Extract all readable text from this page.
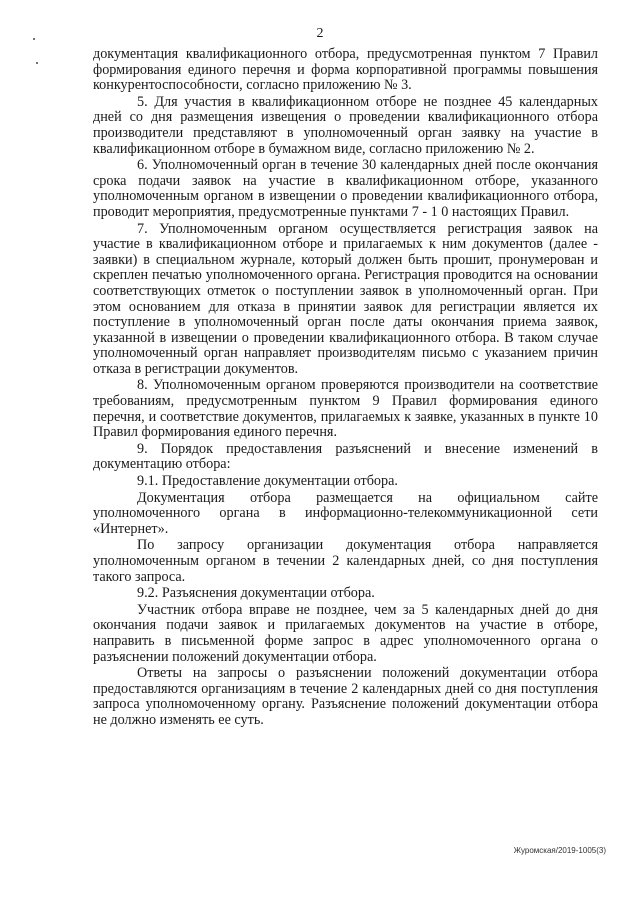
2

документация квалификационного отбора, предусмотренная пунктом 7 Правил формирования единого перечня и форма корпоративной программы повышения конкурентоспособности, согласно приложению № 3.

5. Для участия в квалификационном отборе не позднее 45 календарных дней со дня размещения извещения о проведении квалификационного отбора производители представляют в уполномоченный орган заявку на участие в квалификационном отборе в бумажном виде, согласно приложению № 2.

6. Уполномоченный орган в течение 30 календарных дней после окончания срока подачи заявок на участие в квалификационном отборе, указанного уполномоченным органом в извещении о проведении квалификационного отбора, проводит мероприятия, предусмотренные пунктами 7 - 1 0 настоящих Правил.

7. Уполномоченным органом осуществляется регистрация заявок на участие в квалификационном отборе и прилагаемых к ним документов (далее - заявки) в специальном журнале, который должен быть прошит, пронумерован и скреплен печатью уполномоченного органа. Регистрация проводится на основании соответствующих отметок о поступлении заявок в уполномоченный орган. При этом основанием для отказа в принятии заявок для регистрации является их поступление в уполномоченный орган после даты окончания приема заявок, указанной в извещении о проведении квалификационного отбора. В таком случае уполномоченный орган направляет производителям письмо с указанием причин отказа в регистрации документов.

8. Уполномоченным органом проверяются производители на соответствие требованиям, предусмотренным пунктом 9 Правил формирования единого перечня, и соответствие документов, прилагаемых к заявке, указанных в пункте 10 Правил формирования единого перечня.

9. Порядок предоставления разъяснений и внесение изменений в документацию отбора:

9.1. Предоставление документации отбора.

Документация отбора размещается на официальном сайте уполномоченного органа в информационно-телекоммуникационной сети «Интернет».

По запросу организации документация отбора направляется уполномоченным органом в течении 2 календарных дней, со дня поступления такого запроса.

9.2. Разъяснения документации отбора.

Участник отбора вправе не позднее, чем за 5 календарных дней до дня окончания подачи заявок и прилагаемых документов на участие в отборе, направить в письменной форме запрос в адрес уполномоченного органа о разъяснении положений документации отбора.

Ответы на запросы о разъяснении положений документации отбора предоставляются организациям в течение 2 календарных дней со дня поступления запроса уполномоченному органу. Разъяснение положений документации отбора не должно изменять ее суть.

Журомская/2019-1005(3)
